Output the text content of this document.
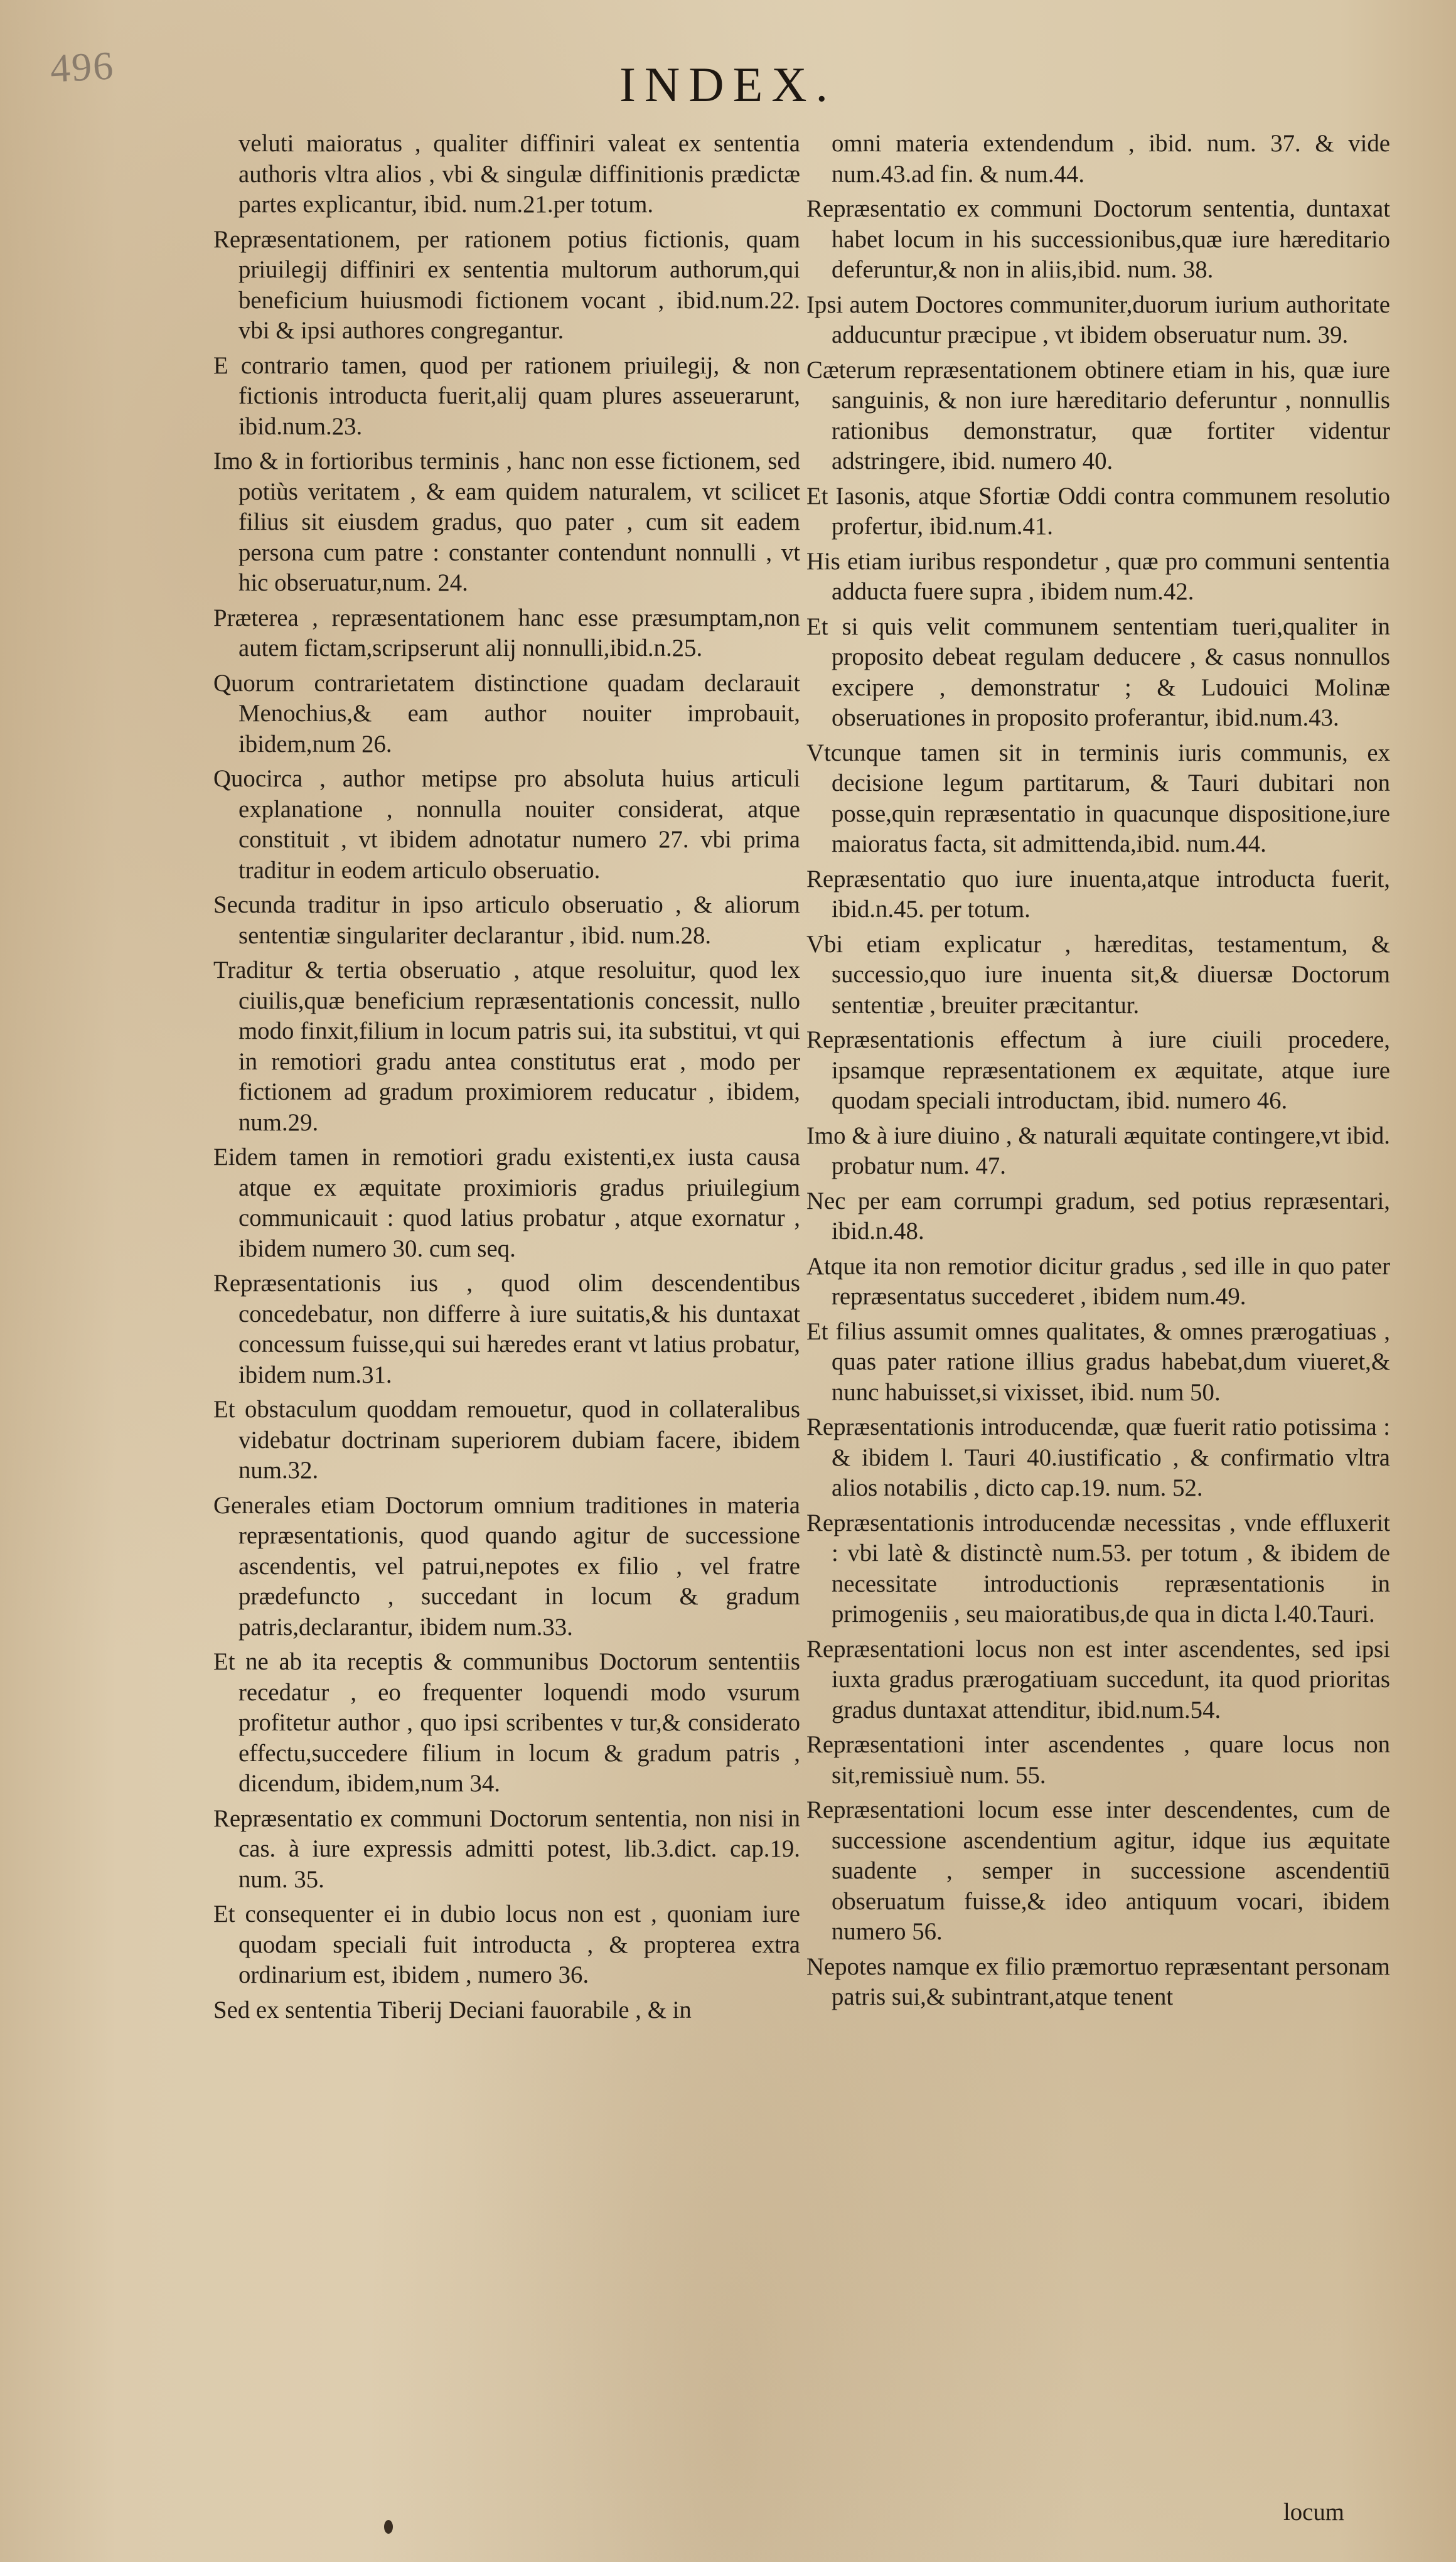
496	INDEX.

veluti maioratus , qualiter diffiniri valeat ex sententia authoris vltra alios , vbi & singulæ diffinitionis prædictæ partes explicantur, ibid. num.21.per totum.

Repræsentationem, per rationem potius fictionis, quam priuilegij diffiniri ex sententia multorum authorum,qui beneficium huiusmodi fictionem vocant , ibid.num.22. vbi & ipsi authores congregantur.

E contrario tamen, quod per rationem priuilegij, & non fictionis introducta fuerit,alij quam plures asseuerarunt, ibid.num.23.

Imo & in fortioribus terminis , hanc non esse fictionem, sed potiùs veritatem , & eam quidem naturalem, vt scilicet filius sit eiusdem gradus, quo pater , cum sit eadem persona cum patre : constanter contendunt nonnulli , vt hic obseruatur,num. 24.

Præterea , repræsentationem hanc esse præsumptam,non autem fictam,scripserunt alij nonnulli,ibid.n.25.

Quorum contrarietatem distinctione quadam declarauit Menochius,& eam author nouiter improbauit, ibidem,num 26.

Quocirca , author metipse pro absoluta huius articuli explanatione , nonnulla nouiter considerat, atque constituit , vt ibidem adnotatur numero 27. vbi prima traditur in eodem articulo obseruatio.

Secunda traditur in ipso articulo obseruatio , & aliorum sententiæ singulariter declarantur , ibid. num.28.

Traditur & tertia obseruatio , atque resoluitur, quod lex ciuilis,quæ beneficium repræsentationis concessit, nullo modo finxit,filium in locum patris sui, ita substitui, vt qui in remotiori gradu antea constitutus erat , modo per fictionem ad gradum proximiorem reducatur , ibidem, num.29.

Eidem tamen in remotiori gradu existenti,ex iusta causa atque ex æquitate proximioris gradus priuilegium communicauit : quod latius probatur , atque exornatur , ibidem numero 30. cum seq.

Repræsentationis ius , quod olim descendentibus concedebatur, non differre à iure suitatis,& his duntaxat concessum fuisse,qui sui hæredes erant vt latius probatur, ibidem num.31.

Et obstaculum quoddam remouetur, quod in collateralibus videbatur doctrinam superiorem dubiam facere, ibidem num.32.

Generales etiam Doctorum omnium traditiones in materia repræsentationis, quod quando agitur de successione ascendentis, vel patrui,nepotes ex filio , vel fratre prædefuncto , succedant in locum & gradum patris,declarantur, ibidem num.33.

Et ne ab ita receptis & communibus Doctorum sententiis recedatur , eo frequenter loquendi modo vsurum profitetur author , quo ipsi scribentes v tur,& considerato effectu,succedere filium in locum & gradum patris , dicendum, ibidem,num 34.

Repræsentatio ex communi Doctorum sententia, non nisi in cas. à iure expressis admitti potest, lib.3.dict. cap.19. num. 35.

Et consequenter ei in dubio locus non est , quoniam iure quodam speciali fuit introducta , & propterea extra ordinarium est, ibidem , numero 36.

Sed ex sententia Tiberij Deciani fauorabile , & in

omni materia extendendum , ibid. num. 37. & vide num.43.ad fin. & num.44.

Repræsentatio ex communi Doctorum sententia, duntaxat habet locum in his successionibus,quæ iure hæreditario deferuntur,& non in aliis,ibid. num. 38.

Ipsi autem Doctores communiter,duorum iurium authoritate adducuntur præcipue , vt ibidem obseruatur num. 39.

Cæterum repræsentationem obtinere etiam in his, quæ iure sanguinis, & non iure hæreditario deferuntur , nonnullis rationibus demonstratur, quæ fortiter videntur adstringere, ibid. numero 40.

Et Iasonis, atque Sfortiæ Oddi contra communem resolutio profertur, ibid.num.41.

His etiam iuribus respondetur , quæ pro communi sententia adducta fuere supra , ibidem num.42.

Et si quis velit communem sententiam tueri,qualiter in proposito debeat regulam deducere , & casus nonnullos excipere , demonstratur ; & Ludouici Molinæ obseruationes in proposito proferantur, ibid.num.43.

Vtcunque tamen sit in terminis iuris communis, ex decisione legum partitarum, & Tauri dubitari non posse,quin repræsentatio in quacunque dispositione,iure maioratus facta, sit admittenda,ibid. num.44.

Repræsentatio quo iure inuenta,atque introducta fuerit, ibid.n.45. per totum.

Vbi etiam explicatur , hæreditas, testamentum, & successio,quo iure inuenta sit,& diuersæ Doctorum sententiæ , breuiter præcitantur.

Repræsentationis effectum à iure ciuili procedere, ipsamque repræsentationem ex æquitate, atque iure quodam speciali introductam, ibid. numero 46.

Imo & à iure diuino , & naturali æquitate contingere,vt ibid. probatur num. 47.

Nec per eam corrumpi gradum, sed potius repræsentari, ibid.n.48.

Atque ita non remotior dicitur gradus , sed ille in quo pater repræsentatus succederet , ibidem num.49.

Et filius assumit omnes qualitates, & omnes prærogatiuas , quas pater ratione illius gradus habebat,dum viueret,& nunc habuisset,si vixisset, ibid. num 50.

Repræsentationis introducendæ, quæ fuerit ratio potissima : & ibidem l. Tauri 40.iustificatio , & confirmatio vltra alios notabilis , dicto cap.19. num. 52.

Repræsentationis introducendæ necessitas , vnde effluxerit : vbi latè & distinctè num.53. per totum , & ibidem de necessitate introductionis repræsentationis in primogeniis , seu maioratibus,de qua in dicta l.40.Tauri.

Repræsentationi locus non est inter ascendentes, sed ipsi iuxta gradus prærogatiuam succedunt, ita quod prioritas gradus duntaxat attenditur, ibid.num.54.

Repræsentationi inter ascendentes , quare locus non sit,remissiuè num. 55.

Repræsentationi locum esse inter descendentes, cum de successione ascendentium agitur, idque ius æquitate suadente , semper in successione ascendentiū obseruatum fuisse,& ideo antiquum vocari, ibidem numero 56.

Nepotes namque ex filio præmortuo repræsentant personam patris sui,& subintrant,atque tenent

locum
